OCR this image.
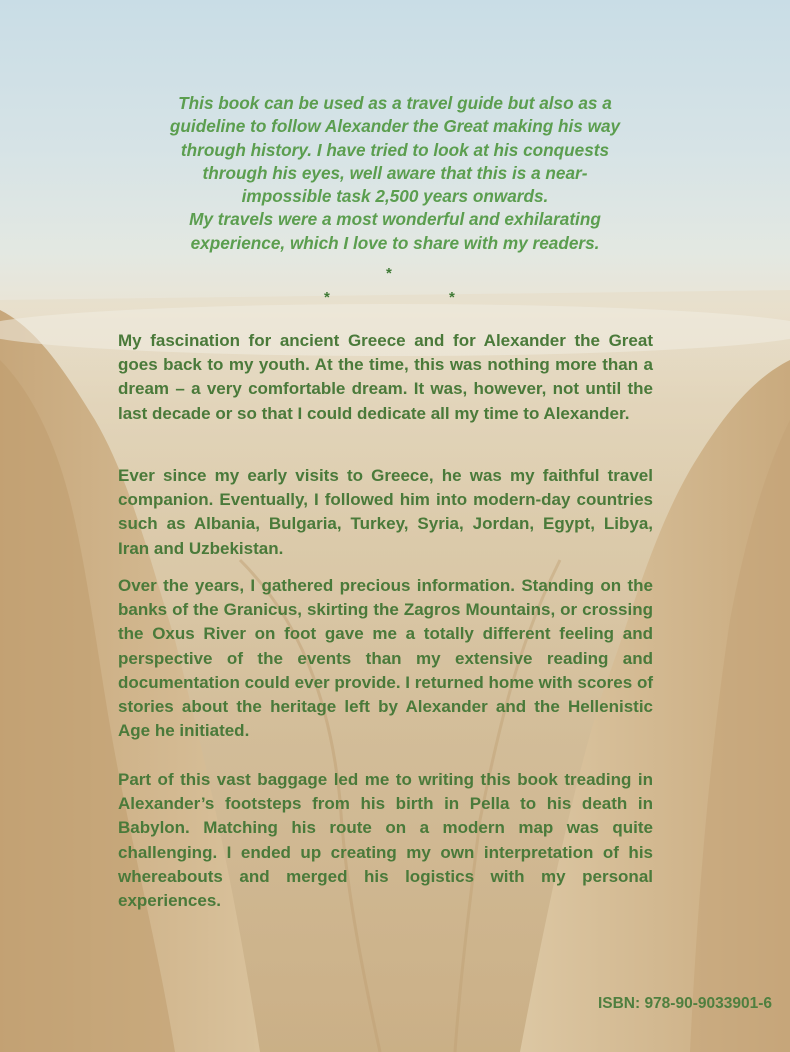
This book can be used as a travel guide but also as a
guideline to follow Alexander the Great making his way
through history. I have tried to look at his conquests
through his eyes, well aware that this is a near-
impossible task 2,500 years onwards.
My travels were a most wonderful and exhilarating
experience, which I love to share with my readers.

*
*	*

My fascination for ancient Greece and for Alexander the Great goes back to my youth. At the time, this was nothing more than a dream – a very comfortable dream. It was, however, not until the last decade or so that I could dedicate all my time to Alexander.

Ever since my early visits to Greece, he was my faithful travel companion. Eventually, I followed him into modern-day countries such as Albania, Bulgaria, Turkey, Syria, Jordan, Egypt, Libya, Iran and Uzbekistan.

Over the years, I gathered precious information. Standing on the banks of the Granicus, skirting the Zagros Mountains, or crossing the Oxus River on foot gave me a totally different feeling and perspective of the events than my extensive reading and documentation could ever provide. I returned home with scores of stories about the heritage left by Alexander and the Hellenistic Age he initiated.

Part of this vast baggage led me to writing this book treading in Alexander’s footsteps from his birth in Pella to his death in Babylon. Matching his route on a modern map was quite challenging. I ended up creating my own interpretation of his whereabouts and merged his logistics with my personal experiences.

ISBN: 978-90-9033901-6
